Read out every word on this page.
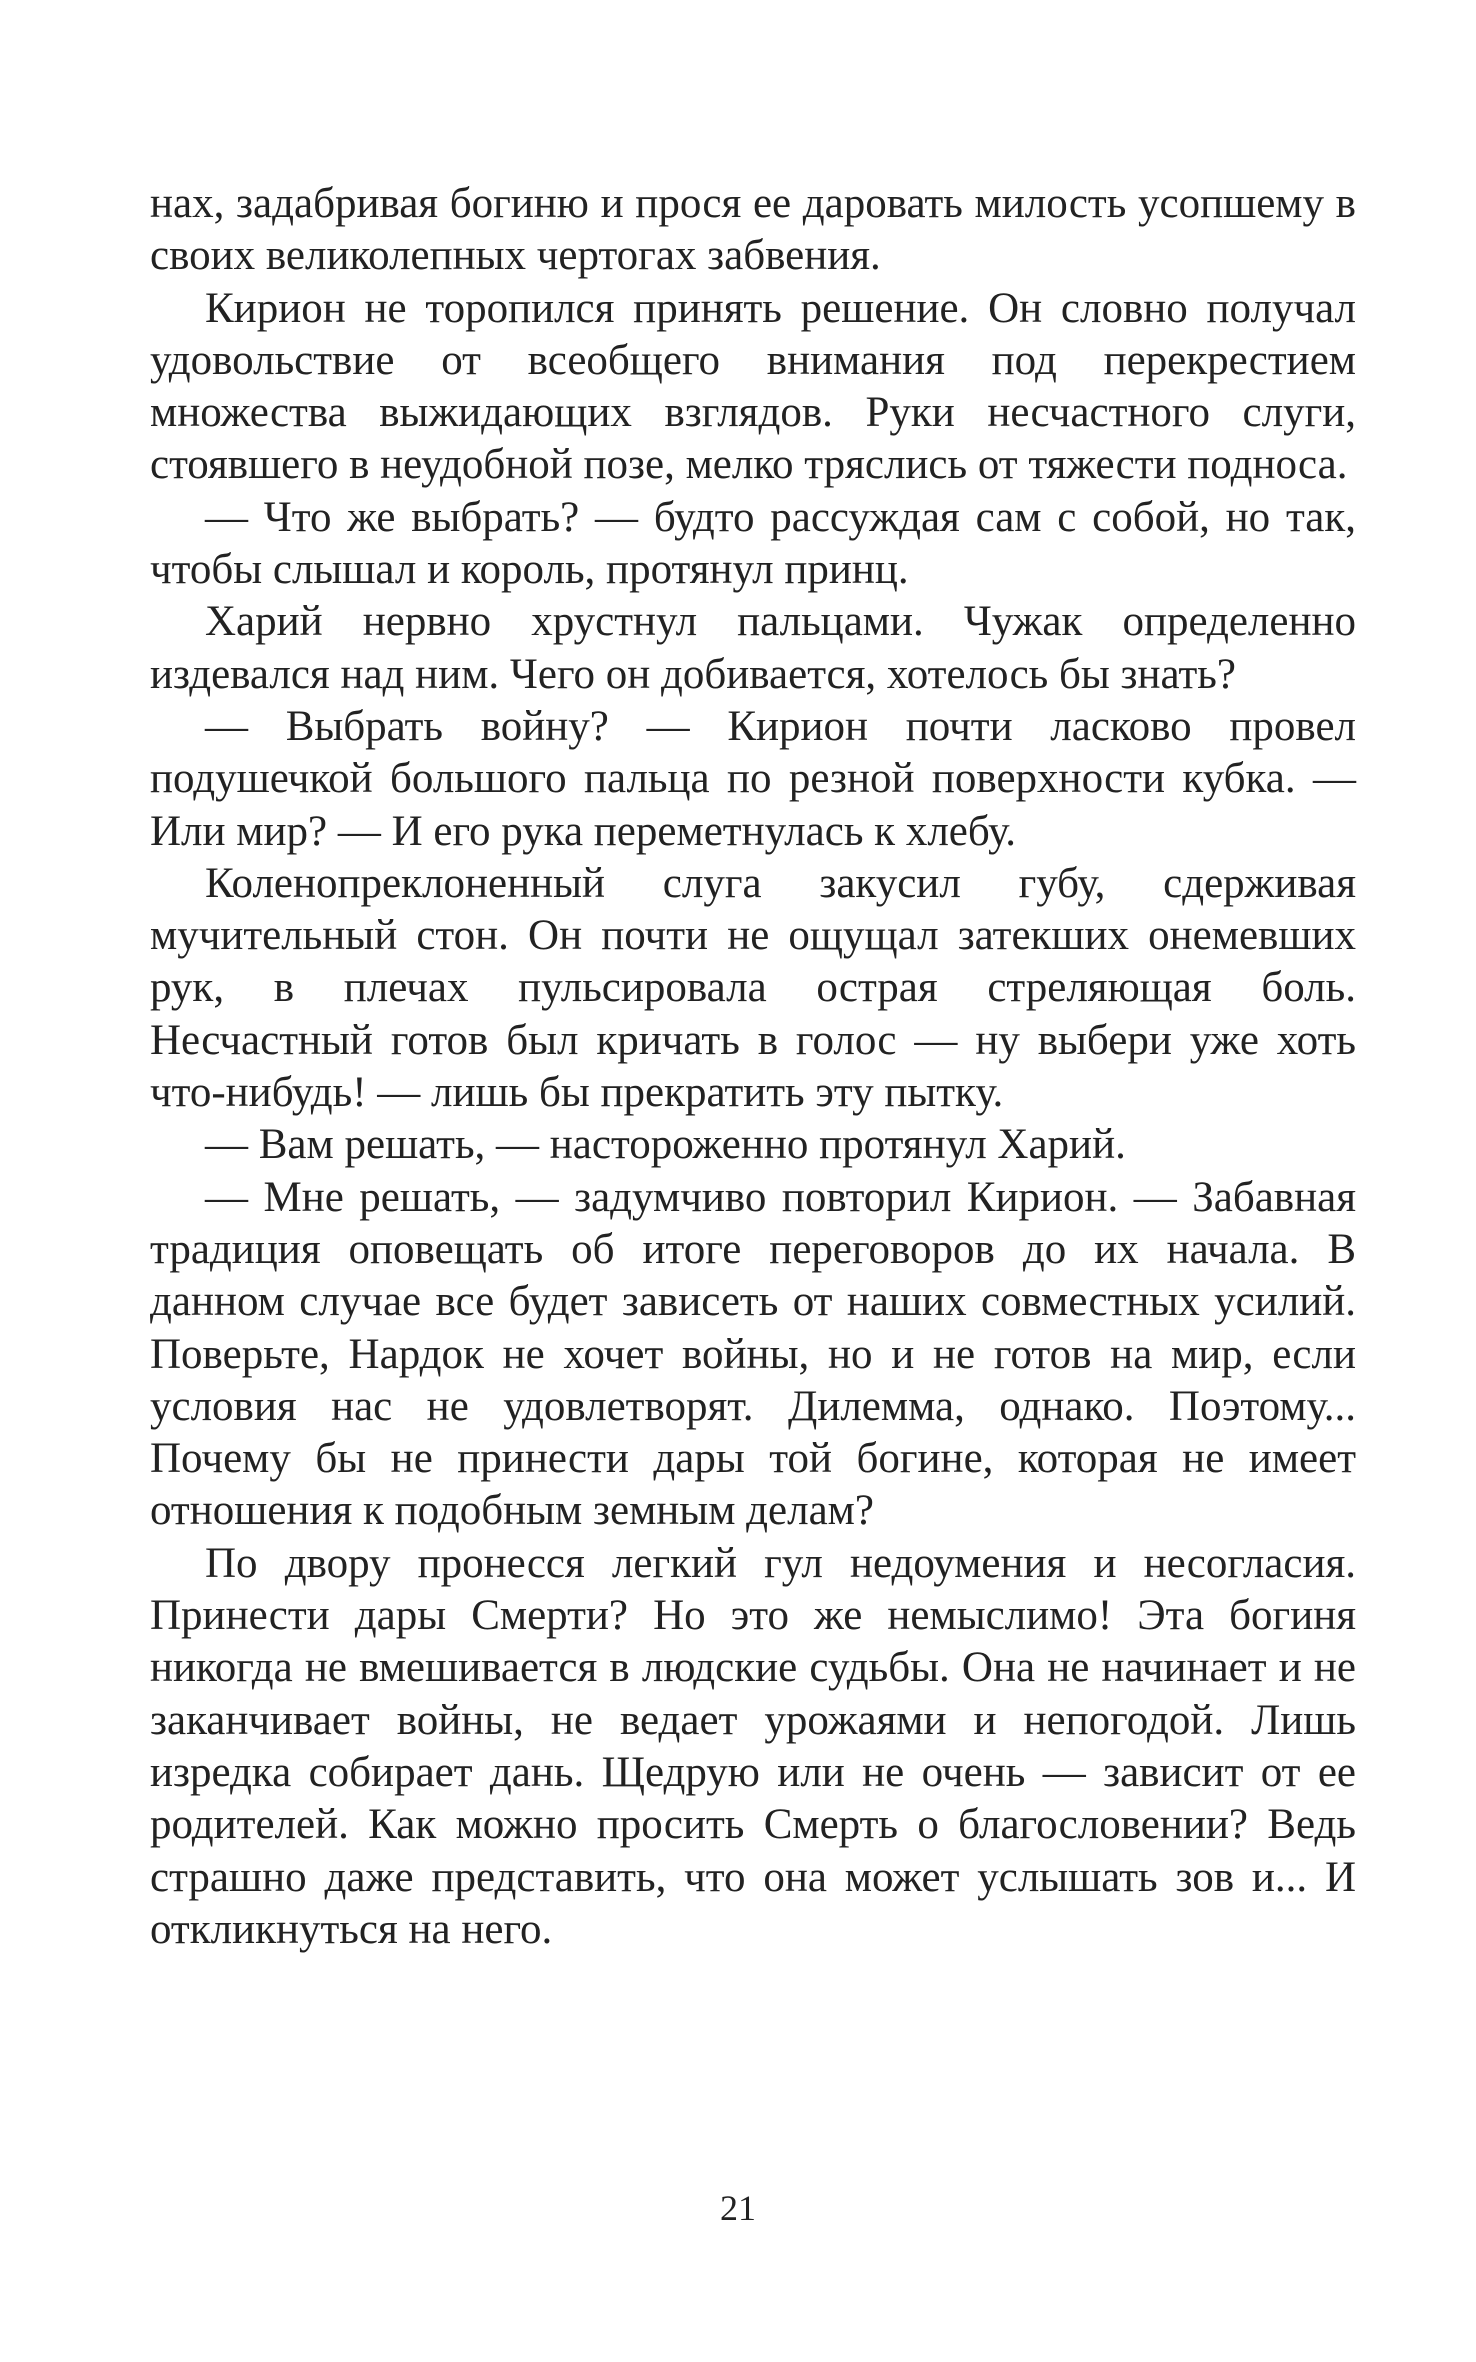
нах, задабривая богиню и прося ее даровать милость усопшему в своих великолепных чертогах забвения.

Кирион не торопился принять решение. Он словно получал удовольствие от всеобщего внимания под перекрестием множества выжидающих взглядов. Руки несчастного слуги, стоявшего в неудобной позе, мелко тряслись от тяжести подноса.

— Что же выбрать? — будто рассуждая сам с собой, но так, чтобы слышал и король, протянул принц.

Харий нервно хрустнул пальцами. Чужак определенно издевался над ним. Чего он добивается, хотелось бы знать?

— Выбрать войну? — Кирион почти ласково провел подушечкой большого пальца по резной поверхности кубка. — Или мир? — И его рука переметнулась к хлебу.

Коленопреклоненный слуга закусил губу, сдерживая мучительный стон. Он почти не ощущал затекших онемевших рук, в плечах пульсировала острая стреляющая боль. Несчастный готов был кричать в голос — ну выбери уже хоть что-нибудь! — лишь бы прекратить эту пытку.

— Вам решать, — настороженно протянул Харий.

— Мне решать, — задумчиво повторил Кирион. — Забавная традиция оповещать об итоге переговоров до их начала. В данном случае все будет зависеть от наших совместных усилий. Поверьте, Нардок не хочет войны, но и не готов на мир, если условия нас не удовлетворят. Дилемма, однако. Поэтому... Почему бы не принести дары той богине, которая не имеет отношения к подобным земным делам?

По двору пронесся легкий гул недоумения и несогласия. Принести дары Смерти? Но это же немыслимо! Эта богиня никогда не вмешивается в людские судьбы. Она не начинает и не заканчивает войны, не ведает урожаями и непогодой. Лишь изредка собирает дань. Щедрую или не очень — зависит от ее родителей. Как можно просить Смерть о благословении? Ведь страшно даже представить, что она может услышать зов и... И откликнуться на него.

21
